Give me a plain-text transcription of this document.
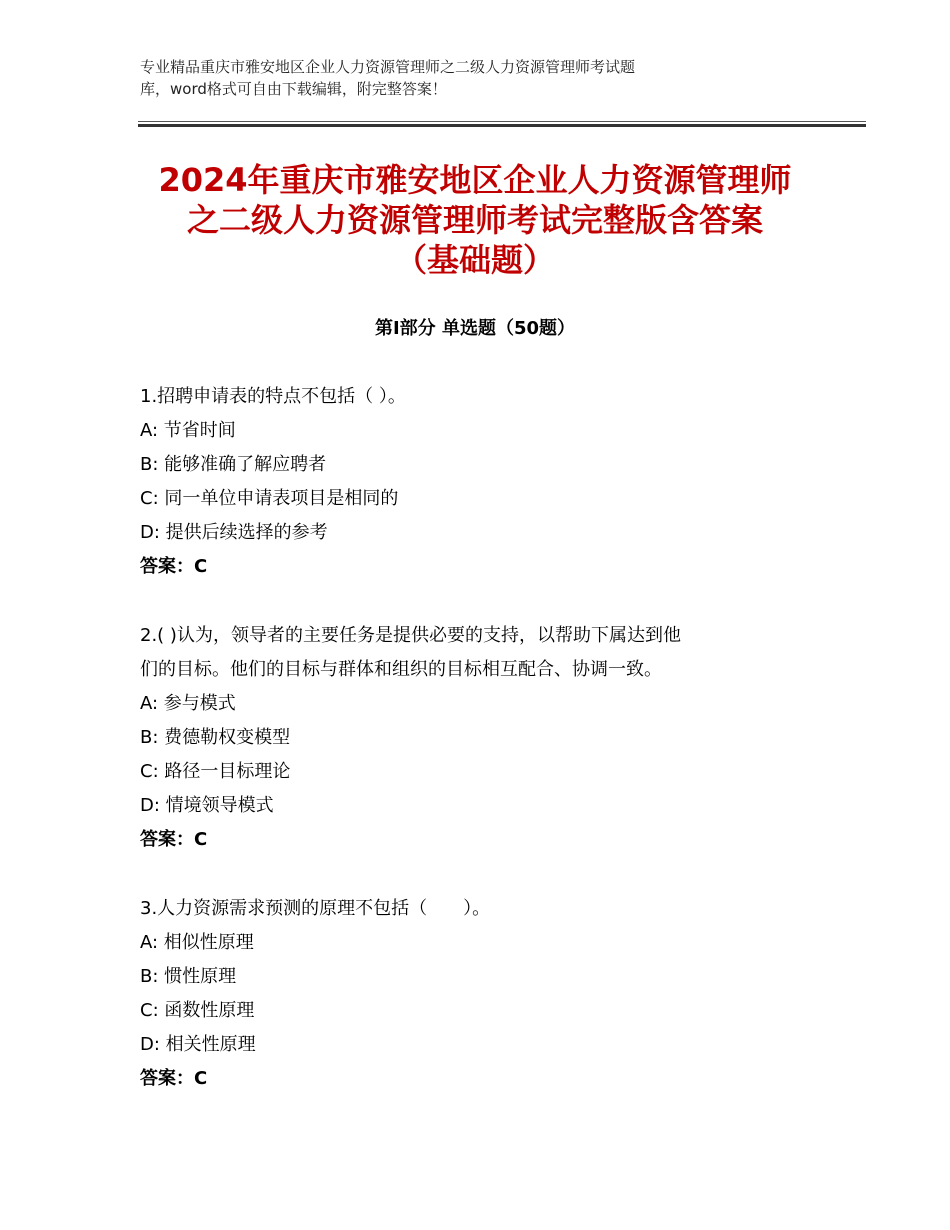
专业精品重庆市雅安地区企业人力资源管理师之二级人力资源管理师考试题
库，word格式可自由下载编辑，附完整答案！
2024年重庆市雅安地区企业人力资源管理师
之二级人力资源管理师考试完整版含答案
（基础题）
第Ⅰ部分 单选题（50题）
1.招聘申请表的特点不包括（ ）。
A: 节省时间
B: 能够准确了解应聘者
C: 同一单位申请表项目是相同的
D: 提供后续选择的参考
答案：C
2.( )认为，领导者的主要任务是提供必要的支持，以帮助下属达到他
们的目标。他们的目标与群体和组织的目标相互配合、协调一致。
A: 参与模式
B: 费德勒权变模型
C: 路径一目标理论
D: 情境领导模式
答案：C
3.人力资源需求预测的原理不包括（　　）。
A: 相似性原理
B: 惯性原理
C: 函数性原理
D: 相关性原理
答案：C
